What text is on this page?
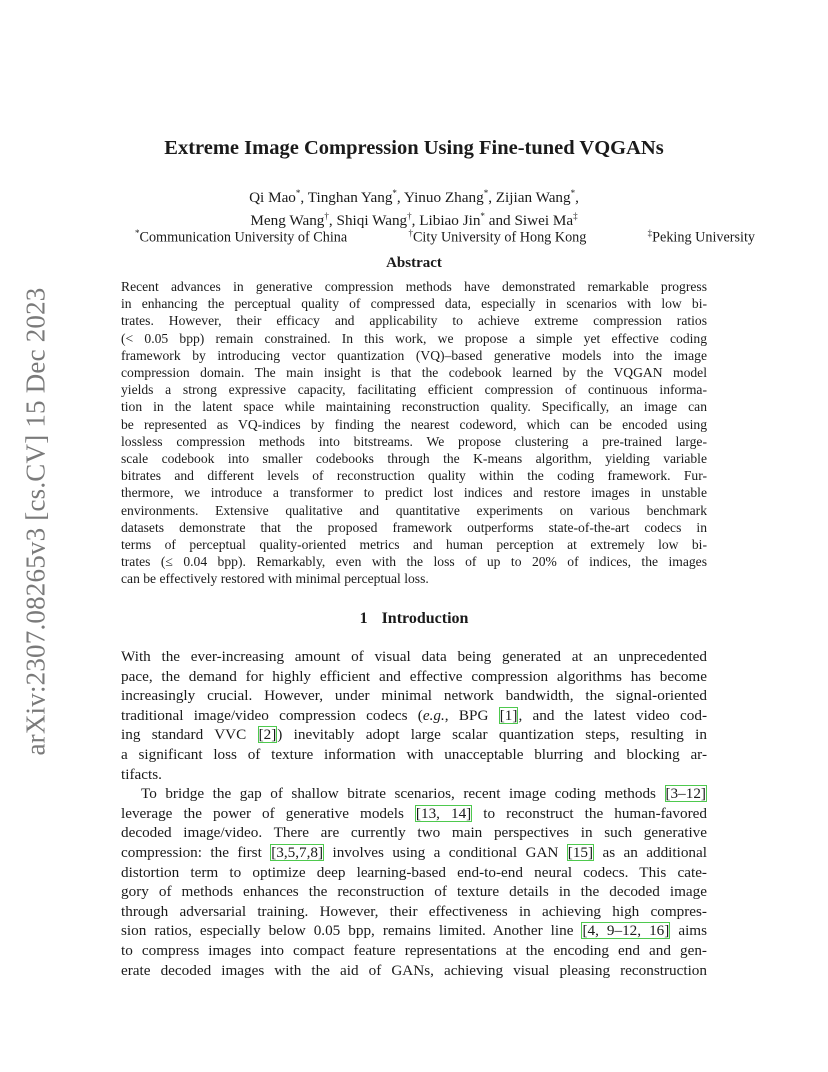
arXiv:2307.08265v3 [cs.CV] 15 Dec 2023
Extreme Image Compression Using Fine-tuned VQGANs
Qi Mao*, Tinghan Yang*, Yinuo Zhang*, Zijian Wang*,
Meng Wang†, Shiqi Wang†, Libiao Jin* and Siwei Ma‡
*Communication University of China	†City University of Hong Kong	‡Peking University
Abstract
Recent advances in generative compression methods have demonstrated remarkable progress
in enhancing the perceptual quality of compressed data, especially in scenarios with low bi-
trates. However, their efficacy and applicability to achieve extreme compression ratios
(< 0.05 bpp) remain constrained. In this work, we propose a simple yet effective coding
framework by introducing vector quantization (VQ)–based generative models into the image
compression domain. The main insight is that the codebook learned by the VQGAN model
yields a strong expressive capacity, facilitating efficient compression of continuous informa-
tion in the latent space while maintaining reconstruction quality. Specifically, an image can
be represented as VQ-indices by finding the nearest codeword, which can be encoded using
lossless compression methods into bitstreams. We propose clustering a pre-trained large-
scale codebook into smaller codebooks through the K-means algorithm, yielding variable
bitrates and different levels of reconstruction quality within the coding framework. Fur-
thermore, we introduce a transformer to predict lost indices and restore images in unstable
environments. Extensive qualitative and quantitative experiments on various benchmark
datasets demonstrate that the proposed framework outperforms state-of-the-art codecs in
terms of perceptual quality-oriented metrics and human perception at extremely low bi-
trates (≤ 0.04 bpp). Remarkably, even with the loss of up to 20% of indices, the images
can be effectively restored with minimal perceptual loss.
1 Introduction
With the ever-increasing amount of visual data being generated at an unprecedented
pace, the demand for highly efficient and effective compression algorithms has become
increasingly crucial. However, under minimal network bandwidth, the signal-oriented
traditional image/video compression codecs (e.g., BPG [1], and the latest video cod-
ing standard VVC [2]) inevitably adopt large scalar quantization steps, resulting in
a significant loss of texture information with unacceptable blurring and blocking ar-
tifacts.
To bridge the gap of shallow bitrate scenarios, recent image coding methods [3–12]
leverage the power of generative models [13, 14] to reconstruct the human-favored
decoded image/video. There are currently two main perspectives in such generative
compression: the first [3,5,7,8] involves using a conditional GAN [15] as an additional
distortion term to optimize deep learning-based end-to-end neural codecs. This cate-
gory of methods enhances the reconstruction of texture details in the decoded image
through adversarial training. However, their effectiveness in achieving high compres-
sion ratios, especially below 0.05 bpp, remains limited. Another line [4, 9–12, 16] aims
to compress images into compact feature representations at the encoding end and gen-
erate decoded images with the aid of GANs, achieving visual pleasing reconstruction
